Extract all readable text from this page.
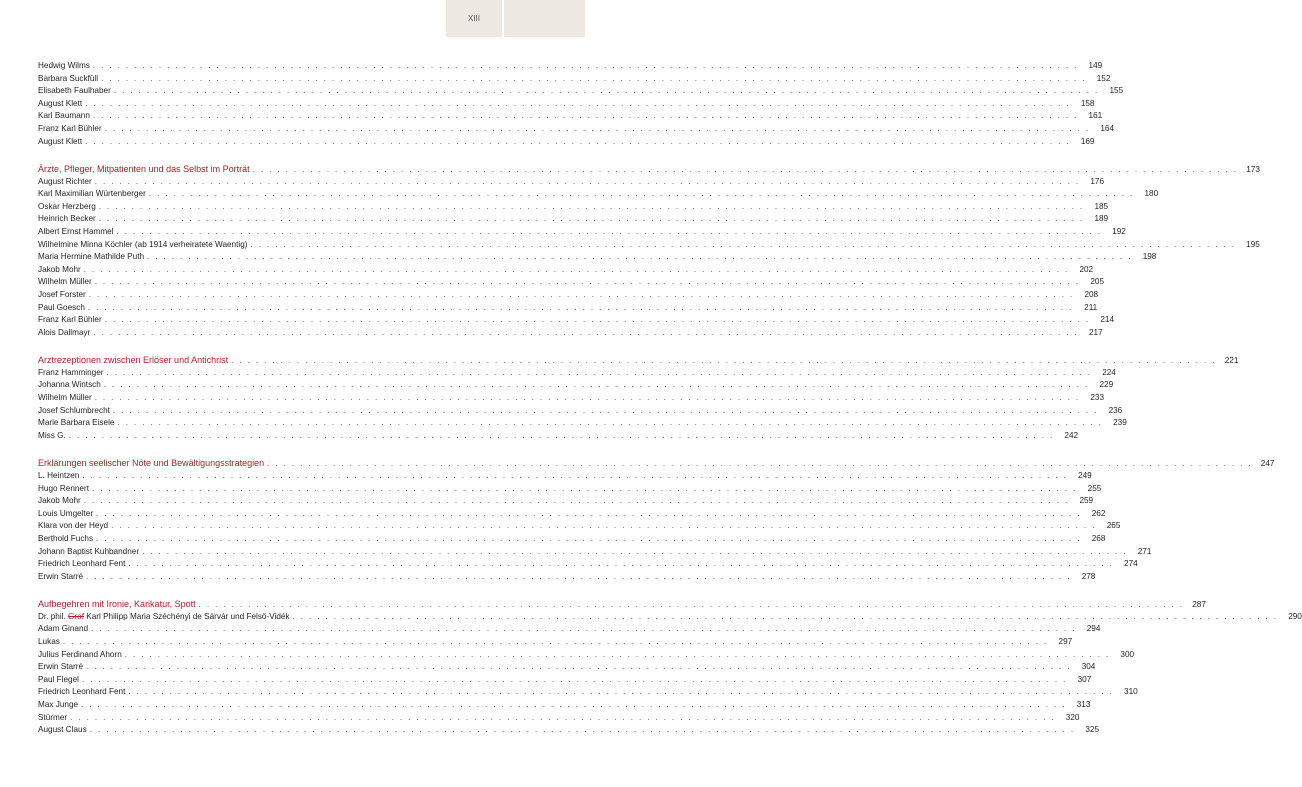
XIII
Hedwig Wilms . . . . . . . . . . . . . . . . . . . . . . . . . . . . . . . . . . . . . . . . . . . . . . . . . . . . . . . . . . . . . . . . . . . . . . . . . . . . . . . . . . . . . . . . . . . . . . . . . . . . . . . . . . . . . . . . . . . . . . . .	149
Barbara Suckfüll . . . . . . . . . . . . . . . . . . . . . . . . . . . . . . . . . . . . . . . . . . . . . . . . . . . . . . . . . . . . . . . . . . . . . . . . . . . . . . . . . . . . . . . . . . . . . . . . . . . . . . . . . . . . . . . . . . . . . . . .	152
Elisabeth Faulhaber . . . . . . . . . . . . . . . . . . . . . . . . . . . . . . . . . . . . . . . . . . . . . . . . . . . . . . . . . . . . . . . . . . . . . . . . . . . . . . . . . . . . . . . . . . . . . . . . . . . . . . . . . . . . . . . . . . . . . . . .	155
August Klett . . . . . . . . . . . . . . . . . . . . . . . . . . . . . . . . . . . . . . . . . . . . . . . . . . . . . . . . . . . . . . . . . . . . . . . . . . . . . . . . . . . . . . . . . . . . . . . . . . . . . . . . . . . . . . . . . . . . . . . .	158
Karl Baumann . . . . . . . . . . . . . . . . . . . . . . . . . . . . . . . . . . . . . . . . . . . . . . . . . . . . . . . . . . . . . . . . . . . . . . . . . . . . . . . . . . . . . . . . . . . . . . . . . . . . . . . . . . . . . . . . . . . . . . . .	161
Franz Karl Bühler . . . . . . . . . . . . . . . . . . . . . . . . . . . . . . . . . . . . . . . . . . . . . . . . . . . . . . . . . . . . . . . . . . . . . . . . . . . . . . . . . . . . . . . . . . . . . . . . . . . . . . . . . . . . . . . . . . . . . . . .	164
August Klett . . . . . . . . . . . . . . . . . . . . . . . . . . . . . . . . . . . . . . . . . . . . . . . . . . . . . . . . . . . . . . . . . . . . . . . . . . . . . . . . . . . . . . . . . . . . . . . . . . . . . . . . . . . . . . . . . . . . . . . .	169
Ärzte, Pfleger, Mitpatienten und das Selbst im Porträt . . . . . . . . . . . . . . . . . . . . . . . . . . . . . . . . . . . . . . . . . . . . . . . . . . . . . . . . . . . . . . . . . . . . . . . . . . . . . . . . . . . . . . . . . . . . . . . . . . . . . . . . . . . . . . . . . . . . . . . .	173
August Richter . . . . . . . . . . . . . . . . . . . . . . . . . . . . . . . . . . . . . . . . . . . . . . . . . . . . . . . . . . . . . . . . . . . . . . . . . . . . . . . . . . . . . . . . . . . . . . . . . . . . . . . . . . . . . . . . . . . . . . . .	176
Karl Maximilian Würtenberger . . . . . . . . . . . . . . . . . . . . . . . . . . . . . . . . . . . . . . . . . . . . . . . . . . . . . . . . . . . . . . . . . . . . . . . . . . . . . . . . . . . . . . . . . . . . . . . . . . . . . . . . . . . . . . . . . . . . . . . .	180
Oskar Herzberg . . . . . . . . . . . . . . . . . . . . . . . . . . . . . . . . . . . . . . . . . . . . . . . . . . . . . . . . . . . . . . . . . . . . . . . . . . . . . . . . . . . . . . . . . . . . . . . . . . . . . . . . . . . . . . . . . . . . . . . .	185
Heinrich Becker . . . . . . . . . . . . . . . . . . . . . . . . . . . . . . . . . . . . . . . . . . . . . . . . . . . . . . . . . . . . . . . . . . . . . . . . . . . . . . . . . . . . . . . . . . . . . . . . . . . . . . . . . . . . . . . . . . . . . . . .	189
Albert Ernst Hammel . . . . . . . . . . . . . . . . . . . . . . . . . . . . . . . . . . . . . . . . . . . . . . . . . . . . . . . . . . . . . . . . . . . . . . . . . . . . . . . . . . . . . . . . . . . . . . . . . . . . . . . . . . . . . . . . . . . . . . . .	192
Wilhelmine Minna Köchler (ab 1914 verheiratete Waentig) . . . . . . . . . . . . . . . . . . . . . . . . . . . . . . . . . . . . . . . . . . . . . . . . . . . . . . . . . . . . . . . . . . . . . . . . . . . . . . . . . . . . . . . . . . . . . . . . . . . . . . . . . . . . . . . . . . . . . . . .	195
Maria Hermine Mathilde Puth . . . . . . . . . . . . . . . . . . . . . . . . . . . . . . . . . . . . . . . . . . . . . . . . . . . . . . . . . . . . . . . . . . . . . . . . . . . . . . . . . . . . . . . . . . . . . . . . . . . . . . . . . . . . . . . . . . . . . . . .	198
Jakob Mohr . . . . . . . . . . . . . . . . . . . . . . . . . . . . . . . . . . . . . . . . . . . . . . . . . . . . . . . . . . . . . . . . . . . . . . . . . . . . . . . . . . . . . . . . . . . . . . . . . . . . . . . . . . . . . . . . . . . . . . . .	202
Wilhelm Müller . . . . . . . . . . . . . . . . . . . . . . . . . . . . . . . . . . . . . . . . . . . . . . . . . . . . . . . . . . . . . . . . . . . . . . . . . . . . . . . . . . . . . . . . . . . . . . . . . . . . . . . . . . . . . . . . . . . . . . . .	205
Josef Forster . . . . . . . . . . . . . . . . . . . . . . . . . . . . . . . . . . . . . . . . . . . . . . . . . . . . . . . . . . . . . . . . . . . . . . . . . . . . . . . . . . . . . . . . . . . . . . . . . . . . . . . . . . . . . . . . . . . . . . . .	208
Paul Goesch . . . . . . . . . . . . . . . . . . . . . . . . . . . . . . . . . . . . . . . . . . . . . . . . . . . . . . . . . . . . . . . . . . . . . . . . . . . . . . . . . . . . . . . . . . . . . . . . . . . . . . . . . . . . . . . . . . . . . . . .	211
Franz Karl Bühler . . . . . . . . . . . . . . . . . . . . . . . . . . . . . . . . . . . . . . . . . . . . . . . . . . . . . . . . . . . . . . . . . . . . . . . . . . . . . . . . . . . . . . . . . . . . . . . . . . . . . . . . . . . . . . . . . . . . . . . .	214
Alois Dallmayr . . . . . . . . . . . . . . . . . . . . . . . . . . . . . . . . . . . . . . . . . . . . . . . . . . . . . . . . . . . . . . . . . . . . . . . . . . . . . . . . . . . . . . . . . . . . . . . . . . . . . . . . . . . . . . . . . . . . . . . .	217
Arztrezeptionen zwischen Erlöser und Antichrist . . . . . . . . . . . . . . . . . . . . . . . . . . . . . . . . . . . . . . . . . . . . . . . . . . . . . . . . . . . . . . . . . . . . . . . . . . . . . . . . . . . . . . . . . . . . . . . . . . . . . . . . . . . . . . . . . . . . . . . .	221
Franz Hamminger . . . . . . . . . . . . . . . . . . . . . . . . . . . . . . . . . . . . . . . . . . . . . . . . . . . . . . . . . . . . . . . . . . . . . . . . . . . . . . . . . . . . . . . . . . . . . . . . . . . . . . . . . . . . . . . . . . . . . . . .	224
Johanna Wintsch . . . . . . . . . . . . . . . . . . . . . . . . . . . . . . . . . . . . . . . . . . . . . . . . . . . . . . . . . . . . . . . . . . . . . . . . . . . . . . . . . . . . . . . . . . . . . . . . . . . . . . . . . . . . . . . . . . . . . . . .	229
Wilhelm Müller . . . . . . . . . . . . . . . . . . . . . . . . . . . . . . . . . . . . . . . . . . . . . . . . . . . . . . . . . . . . . . . . . . . . . . . . . . . . . . . . . . . . . . . . . . . . . . . . . . . . . . . . . . . . . . . . . . . . . . . .	233
Josef Schlumbrecht . . . . . . . . . . . . . . . . . . . . . . . . . . . . . . . . . . . . . . . . . . . . . . . . . . . . . . . . . . . . . . . . . . . . . . . . . . . . . . . . . . . . . . . . . . . . . . . . . . . . . . . . . . . . . . . . . . . . . . . .	236
Marie Barbara Eisele . . . . . . . . . . . . . . . . . . . . . . . . . . . . . . . . . . . . . . . . . . . . . . . . . . . . . . . . . . . . . . . . . . . . . . . . . . . . . . . . . . . . . . . . . . . . . . . . . . . . . . . . . . . . . . . . . . . . . . . .	239
Miss G. . . . . . . . . . . . . . . . . . . . . . . . . . . . . . . . . . . . . . . . . . . . . . . . . . . . . . . . . . . . . . . . . . . . . . . . . . . . . . . . . . . . . . . . . . . . . . . . . . . . . . . . . . . . . . . . . . . . . . . . .	242
Erklärungen seelischer Nöte und Bewältigungsstrategien . . . . . . . . . . . . . . . . . . . . . . . . . . . . . . . . . . . . . . . . . . . . . . . . . . . . . . . . . . . . . . . . . . . . . . . . . . . . . . . . . . . . . . . . . . . . . . . . . . . . . . . . . . . . . . . . . . . . . . . .	247
L. Heintzen . . . . . . . . . . . . . . . . . . . . . . . . . . . . . . . . . . . . . . . . . . . . . . . . . . . . . . . . . . . . . . . . . . . . . . . . . . . . . . . . . . . . . . . . . . . . . . . . . . . . . . . . . . . . . . . . . . . . . . . .	249
Hugo Rennert . . . . . . . . . . . . . . . . . . . . . . . . . . . . . . . . . . . . . . . . . . . . . . . . . . . . . . . . . . . . . . . . . . . . . . . . . . . . . . . . . . . . . . . . . . . . . . . . . . . . . . . . . . . . . . . . . . . . . . . .	255
Jakob Mohr . . . . . . . . . . . . . . . . . . . . . . . . . . . . . . . . . . . . . . . . . . . . . . . . . . . . . . . . . . . . . . . . . . . . . . . . . . . . . . . . . . . . . . . . . . . . . . . . . . . . . . . . . . . . . . . . . . . . . . . .	259
Louis Umgelter . . . . . . . . . . . . . . . . . . . . . . . . . . . . . . . . . . . . . . . . . . . . . . . . . . . . . . . . . . . . . . . . . . . . . . . . . . . . . . . . . . . . . . . . . . . . . . . . . . . . . . . . . . . . . . . . . . . . . . . .	262
Klara von der Heyd . . . . . . . . . . . . . . . . . . . . . . . . . . . . . . . . . . . . . . . . . . . . . . . . . . . . . . . . . . . . . . . . . . . . . . . . . . . . . . . . . . . . . . . . . . . . . . . . . . . . . . . . . . . . . . . . . . . . . . . .	265
Berthold Fuchs . . . . . . . . . . . . . . . . . . . . . . . . . . . . . . . . . . . . . . . . . . . . . . . . . . . . . . . . . . . . . . . . . . . . . . . . . . . . . . . . . . . . . . . . . . . . . . . . . . . . . . . . . . . . . . . . . . . . . . . .	268
Johann Baptist Kuhbandner . . . . . . . . . . . . . . . . . . . . . . . . . . . . . . . . . . . . . . . . . . . . . . . . . . . . . . . . . . . . . . . . . . . . . . . . . . . . . . . . . . . . . . . . . . . . . . . . . . . . . . . . . . . . . . . . . . . . . . . .	271
Friedrich Leonhard Fent . . . . . . . . . . . . . . . . . . . . . . . . . . . . . . . . . . . . . . . . . . . . . . . . . . . . . . . . . . . . . . . . . . . . . . . . . . . . . . . . . . . . . . . . . . . . . . . . . . . . . . . . . . . . . . . . . . . . . . . .	274
Erwin Starré . . . . . . . . . . . . . . . . . . . . . . . . . . . . . . . . . . . . . . . . . . . . . . . . . . . . . . . . . . . . . . . . . . . . . . . . . . . . . . . . . . . . . . . . . . . . . . . . . . . . . . . . . . . . . . . . . . . . . . . .	278
Aufbegehren mit Ironie, Karikatur, Spott . . . . . . . . . . . . . . . . . . . . . . . . . . . . . . . . . . . . . . . . . . . . . . . . . . . . . . . . . . . . . . . . . . . . . . . . . . . . . . . . . . . . . . . . . . . . . . . . . . . . . . . . . . . . . . . . . . . . . . . .	287
Dr. phil. Graf Karl Philipp Maria Széchényi de Sárvár und Felsö-Vidék . . . . . . . . . . . . . . . . . . . . . . . . . . . . . . . . . . . . . . . . . . . . . . . . . . . . . . . . . . . . . . . . . . . . . . . . . . . . . . . . . . . . . . . . . . . . . . . . . . . . . . . . . . . . . . . . . . . . . . . .	290
Adam Ginand . . . . . . . . . . . . . . . . . . . . . . . . . . . . . . . . . . . . . . . . . . . . . . . . . . . . . . . . . . . . . . . . . . . . . . . . . . . . . . . . . . . . . . . . . . . . . . . . . . . . . . . . . . . . . . . . . . . . . . . .	294
Lukas . . . . . . . . . . . . . . . . . . . . . . . . . . . . . . . . . . . . . . . . . . . . . . . . . . . . . . . . . . . . . . . . . . . . . . . . . . . . . . . . . . . . . . . . . . . . . . . . . . . . . . . . . . . . . . . . . . . . . . . .	297
Julius Ferdinand Ahorn . . . . . . . . . . . . . . . . . . . . . . . . . . . . . . . . . . . . . . . . . . . . . . . . . . . . . . . . . . . . . . . . . . . . . . . . . . . . . . . . . . . . . . . . . . . . . . . . . . . . . . . . . . . . . . . . . . . . . . . .	300
Erwin Starré . . . . . . . . . . . . . . . . . . . . . . . . . . . . . . . . . . . . . . . . . . . . . . . . . . . . . . . . . . . . . . . . . . . . . . . . . . . . . . . . . . . . . . . . . . . . . . . . . . . . . . . . . . . . . . . . . . . . . . . .	304
Paul Flegel . . . . . . . . . . . . . . . . . . . . . . . . . . . . . . . . . . . . . . . . . . . . . . . . . . . . . . . . . . . . . . . . . . . . . . . . . . . . . . . . . . . . . . . . . . . . . . . . . . . . . . . . . . . . . . . . . . . . . . . .	307
Friedrich Leonhard Fent . . . . . . . . . . . . . . . . . . . . . . . . . . . . . . . . . . . . . . . . . . . . . . . . . . . . . . . . . . . . . . . . . . . . . . . . . . . . . . . . . . . . . . . . . . . . . . . . . . . . . . . . . . . . . . . . . . . . . . . .	310
Max Junge . . . . . . . . . . . . . . . . . . . . . . . . . . . . . . . . . . . . . . . . . . . . . . . . . . . . . . . . . . . . . . . . . . . . . . . . . . . . . . . . . . . . . . . . . . . . . . . . . . . . . . . . . . . . . . . . . . . . . . . .	313
Stürmer . . . . . . . . . . . . . . . . . . . . . . . . . . . . . . . . . . . . . . . . . . . . . . . . . . . . . . . . . . . . . . . . . . . . . . . . . . . . . . . . . . . . . . . . . . . . . . . . . . . . . . . . . . . . . . . . . . . . . . . .	320
August Claus . . . . . . . . . . . . . . . . . . . . . . . . . . . . . . . . . . . . . . . . . . . . . . . . . . . . . . . . . . . . . . . . . . . . . . . . . . . . . . . . . . . . . . . . . . . . . . . . . . . . . . . . . . . . . . . . . . . . . . . .	325
